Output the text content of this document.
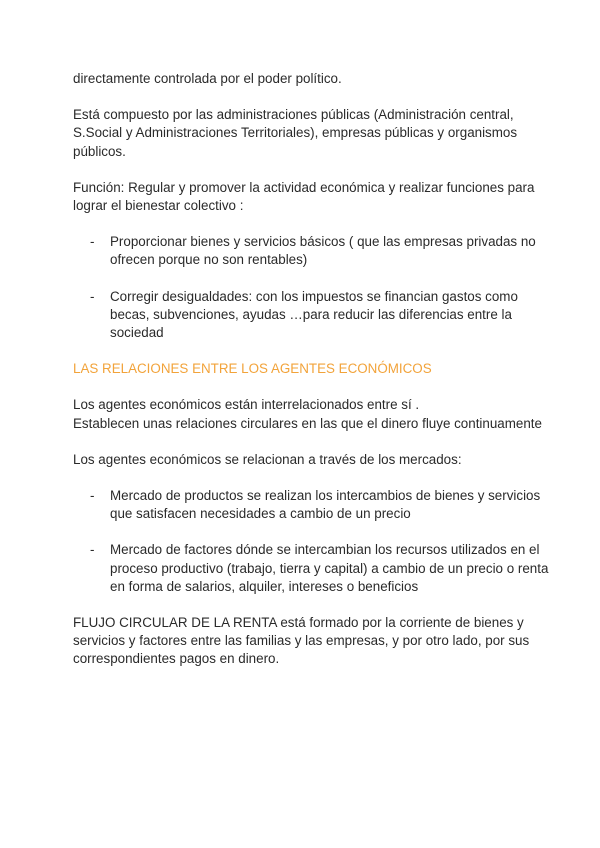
directamente controlada por el poder político.

Está compuesto por las administraciones públicas (Administración central, S.Social y Administraciones Territoriales), empresas públicas y organismos públicos.

Función: Regular y promover la actividad económica y realizar funciones para lograr el bienestar colectivo :

- Proporcionar bienes y servicios básicos ( que las empresas privadas no ofrecen porque no son rentables)
- Corregir desigualdades: con los impuestos se financian gastos como becas, subvenciones, ayudas …para reducir las diferencias entre la sociedad

LAS RELACIONES ENTRE LOS AGENTES ECONÓMICOS

Los agentes económicos están interrelacionados entre sí .

Establecen unas relaciones circulares en las que el dinero fluye continuamente

Los agentes económicos se relacionan a través de los mercados:

- Mercado de productos se realizan los intercambios de bienes y servicios que satisfacen necesidades a cambio de un precio
- Mercado de factores dónde se intercambian los recursos utilizados en el proceso productivo (trabajo, tierra y capital) a cambio de un precio o renta en forma de salarios, alquiler, intereses o beneficios

FLUJO CIRCULAR DE LA RENTA está formado por la corriente de bienes y servicios y factores entre las familias y las empresas, y por otro lado, por sus correspondientes pagos en dinero.
